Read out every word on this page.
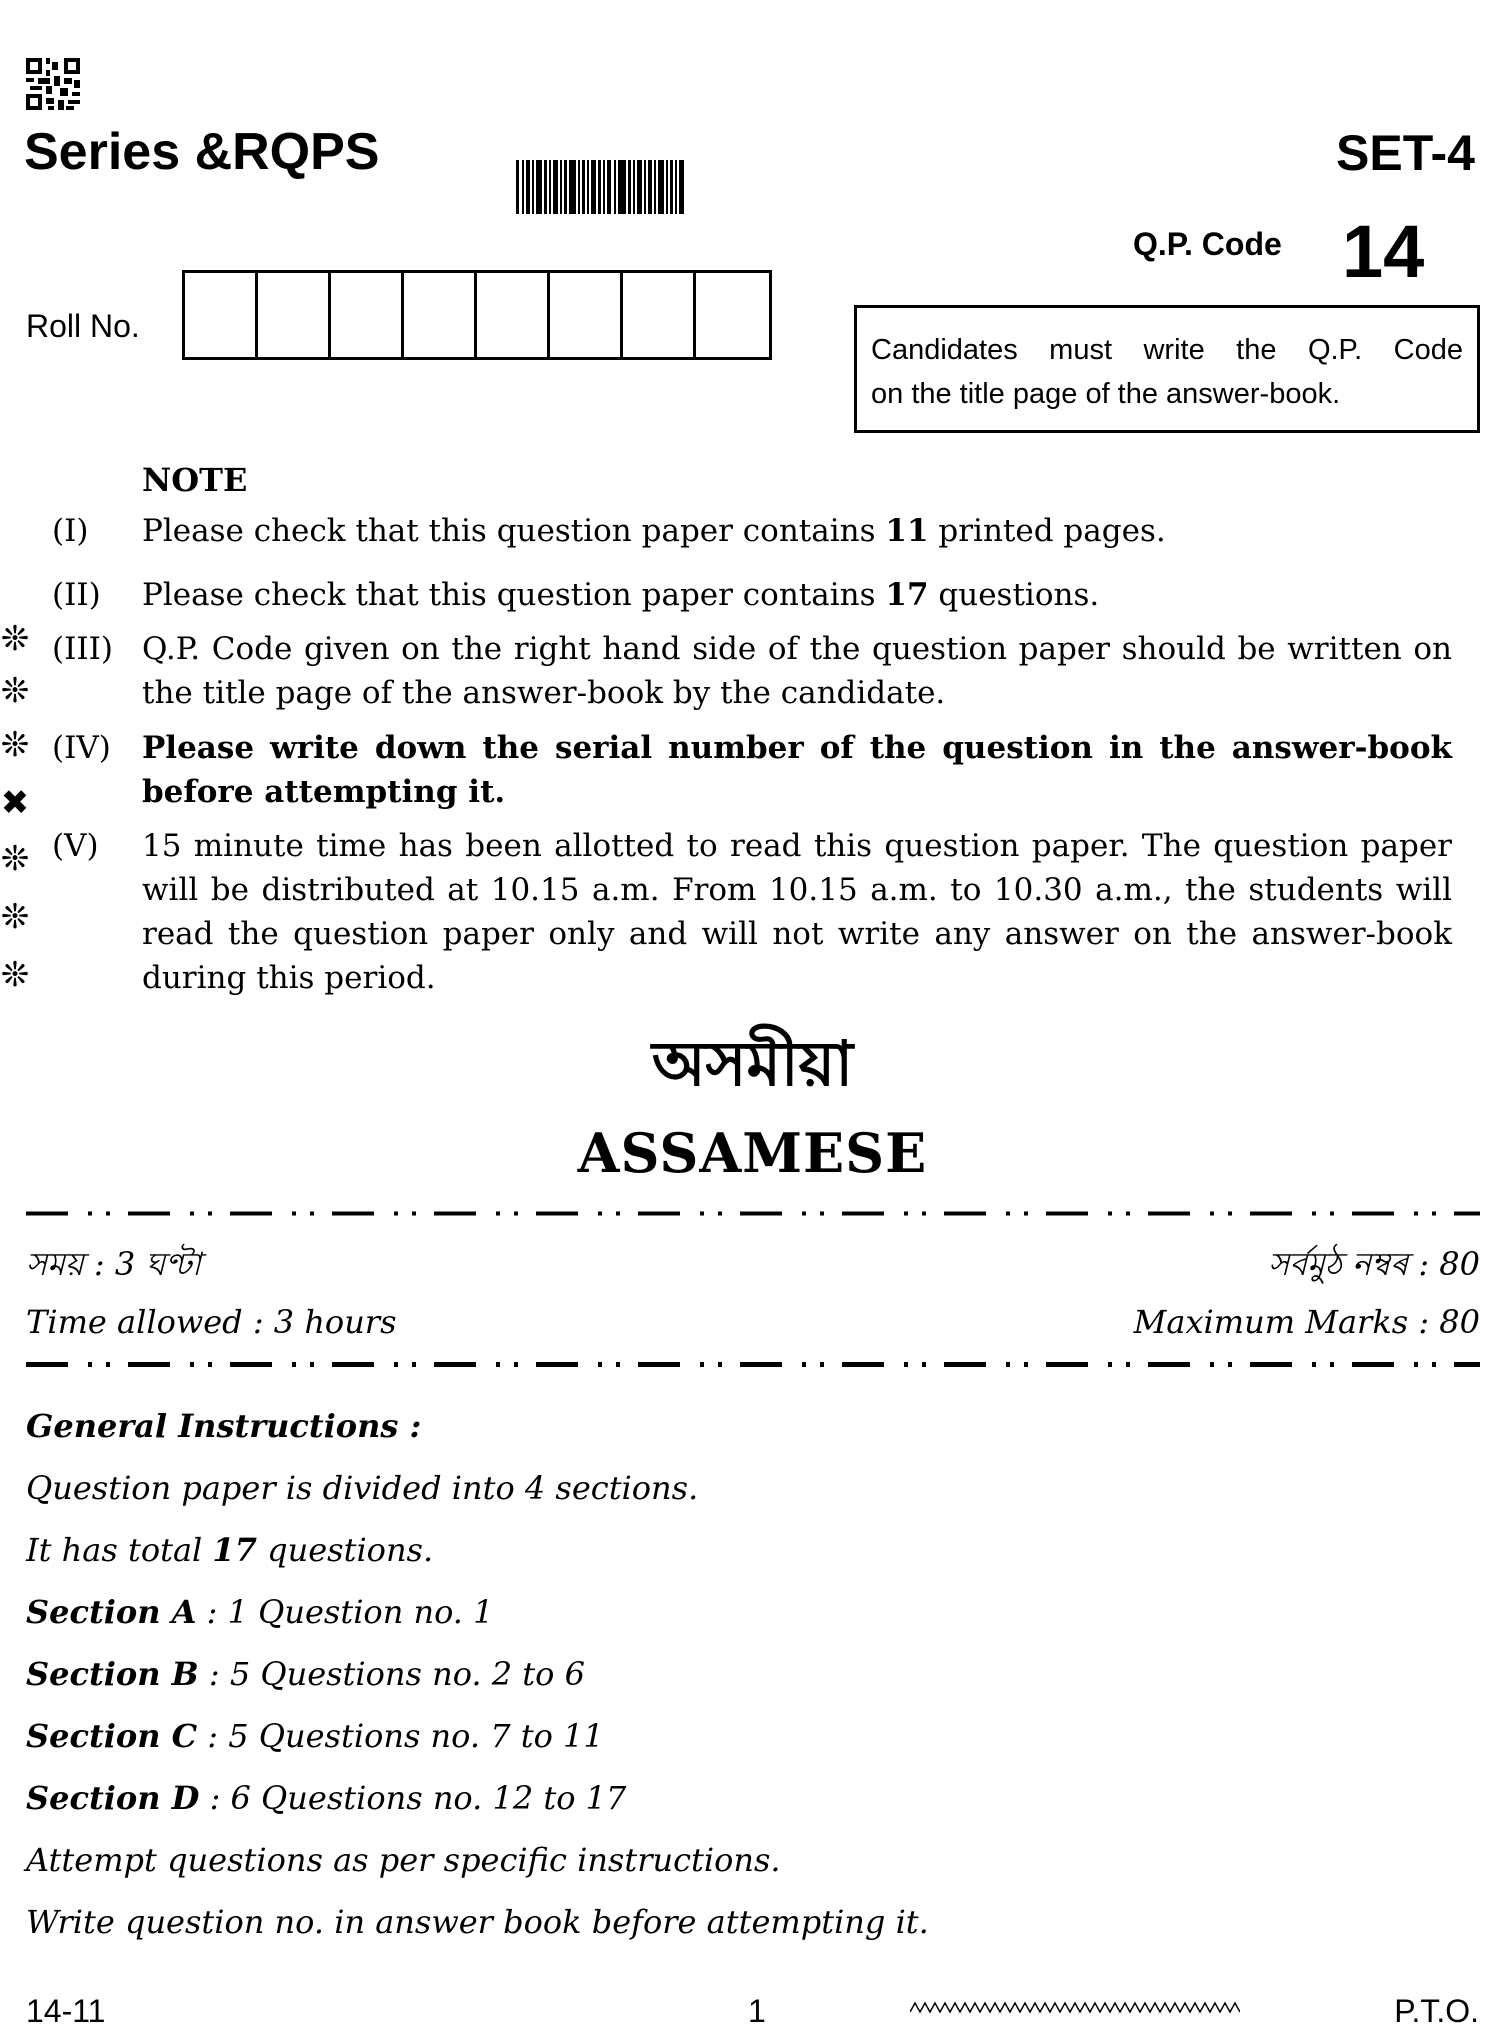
Series &RQPS	SET-4
Q.P. Code 14
Roll No.
Candidates must write the Q.P. Code
on the title page of the answer-book.
NOTE
(I)	Please check that this question paper contains 11 printed pages.
(II)	Please check that this question paper contains 17 questions.
(III) Q.P. Code given on the right hand side of the question paper should be written on the title page of the answer-book by the candidate.
(IV)	Please write down the serial number of the question in the answer-book before attempting it.
(V)	15 minute time has been allotted to read this question paper. The question paper will be distributed at 10.15 a.m. From 10.15 a.m. to 10.30 a.m., the students will read the question paper only and will not write any answer on the answer-book during this period.
❊
❊
❊
✖
❊
❊
❊
অসমীয়া
ASSAMESE
সময় : 3 ঘণ্টা	সৰ্বমুঠ নম্বৰ : 80
Time allowed : 3 hours	Maximum Marks : 80
General Instructions :
Question paper is divided into 4 sections.
It has total 17 questions.
Section A : 1 Question no. 1
Section B : 5 Questions no. 2 to 6
Section C : 5 Questions no. 7 to 11
Section D : 6 Questions no. 12 to 17
Attempt questions as per specific instructions.
Write question no. in answer book before attempting it.
14-11	1	P.T.O.
